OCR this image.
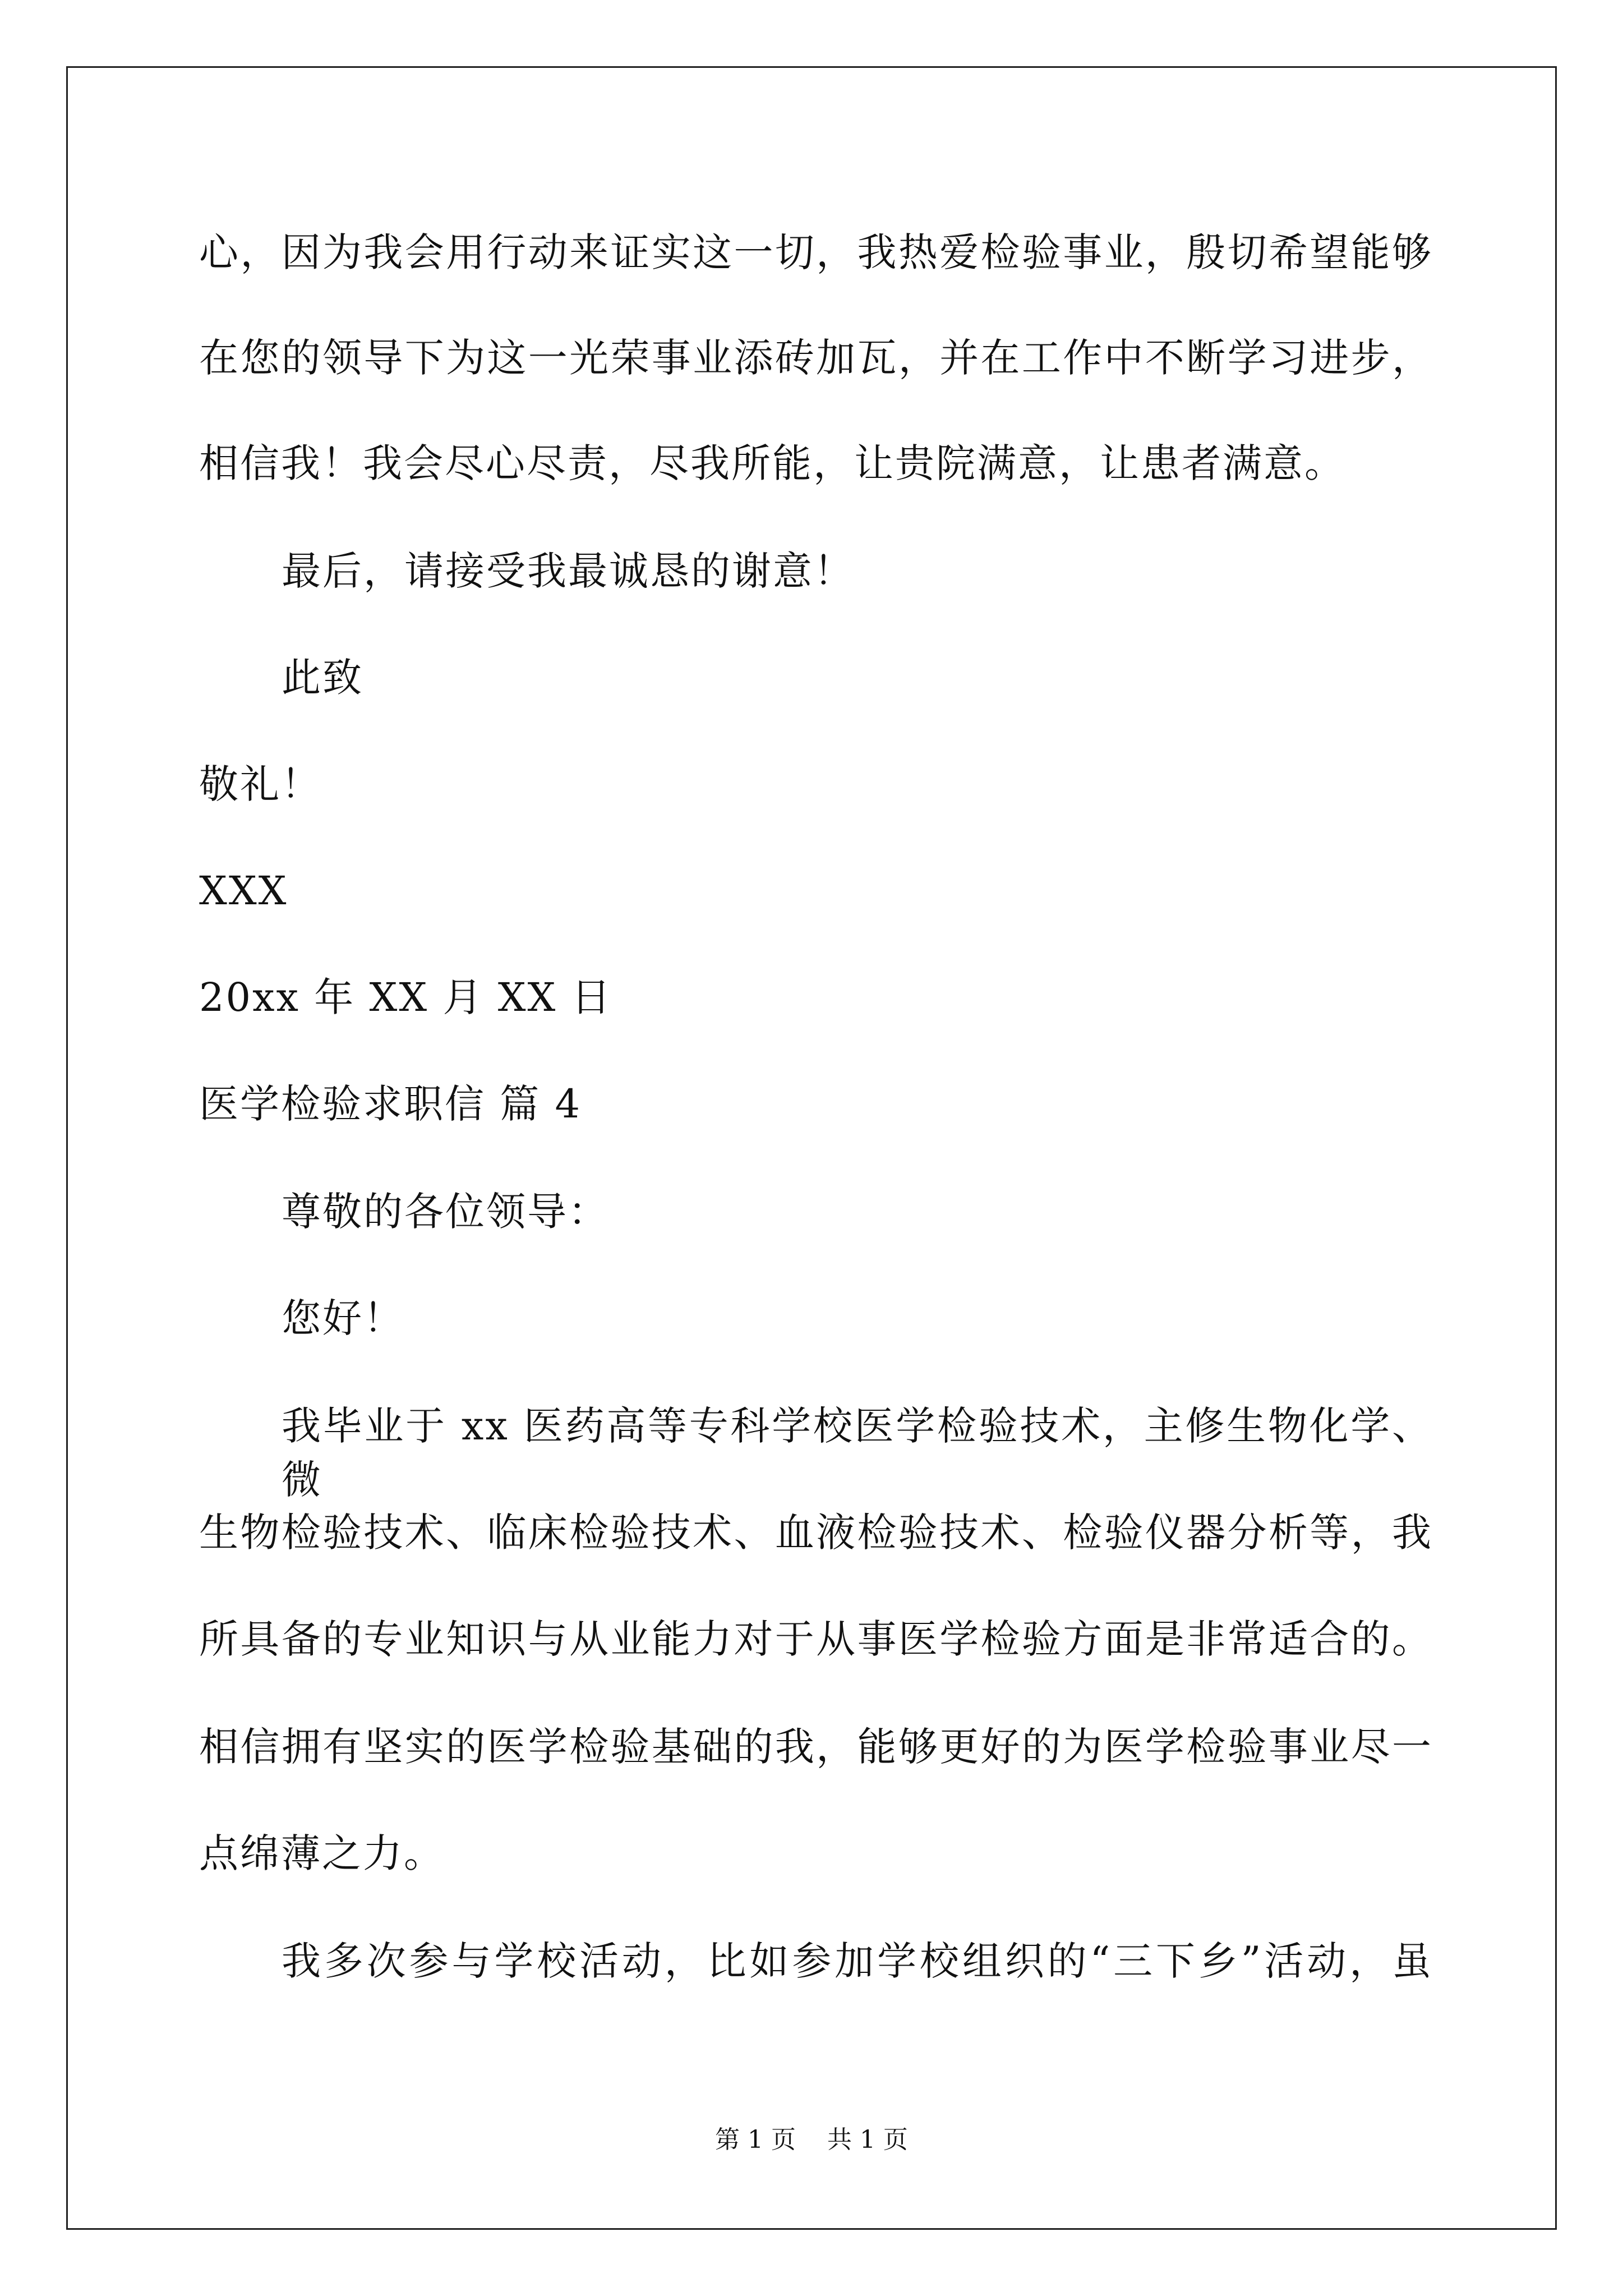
心，因为我会用行动来证实这一切，我热爱检验事业，殷切希望能够
在您的领导下为这一光荣事业添砖加瓦，并在工作中不断学习进步，
相信我！我会尽心尽责，尽我所能，让贵院满意，让患者满意。
最后，请接受我最诚恳的谢意！
此致
敬礼！
XXX
20xx 年 XX 月 XX 日
医学检验求职信 篇 4
尊敬的各位领导：
您好！
我毕业于 xx 医药高等专科学校医学检验技术，主修生物化学、微
生物检验技术、临床检验技术、血液检验技术、检验仪器分析等，我
所具备的专业知识与从业能力对于从事医学检验方面是非常适合的。
相信拥有坚实的医学检验基础的我，能够更好的为医学检验事业尽一
点绵薄之力。
我多次参与学校活动，比如参加学校组织的“三下乡”活动，虽
第 1 页    共 1 页
